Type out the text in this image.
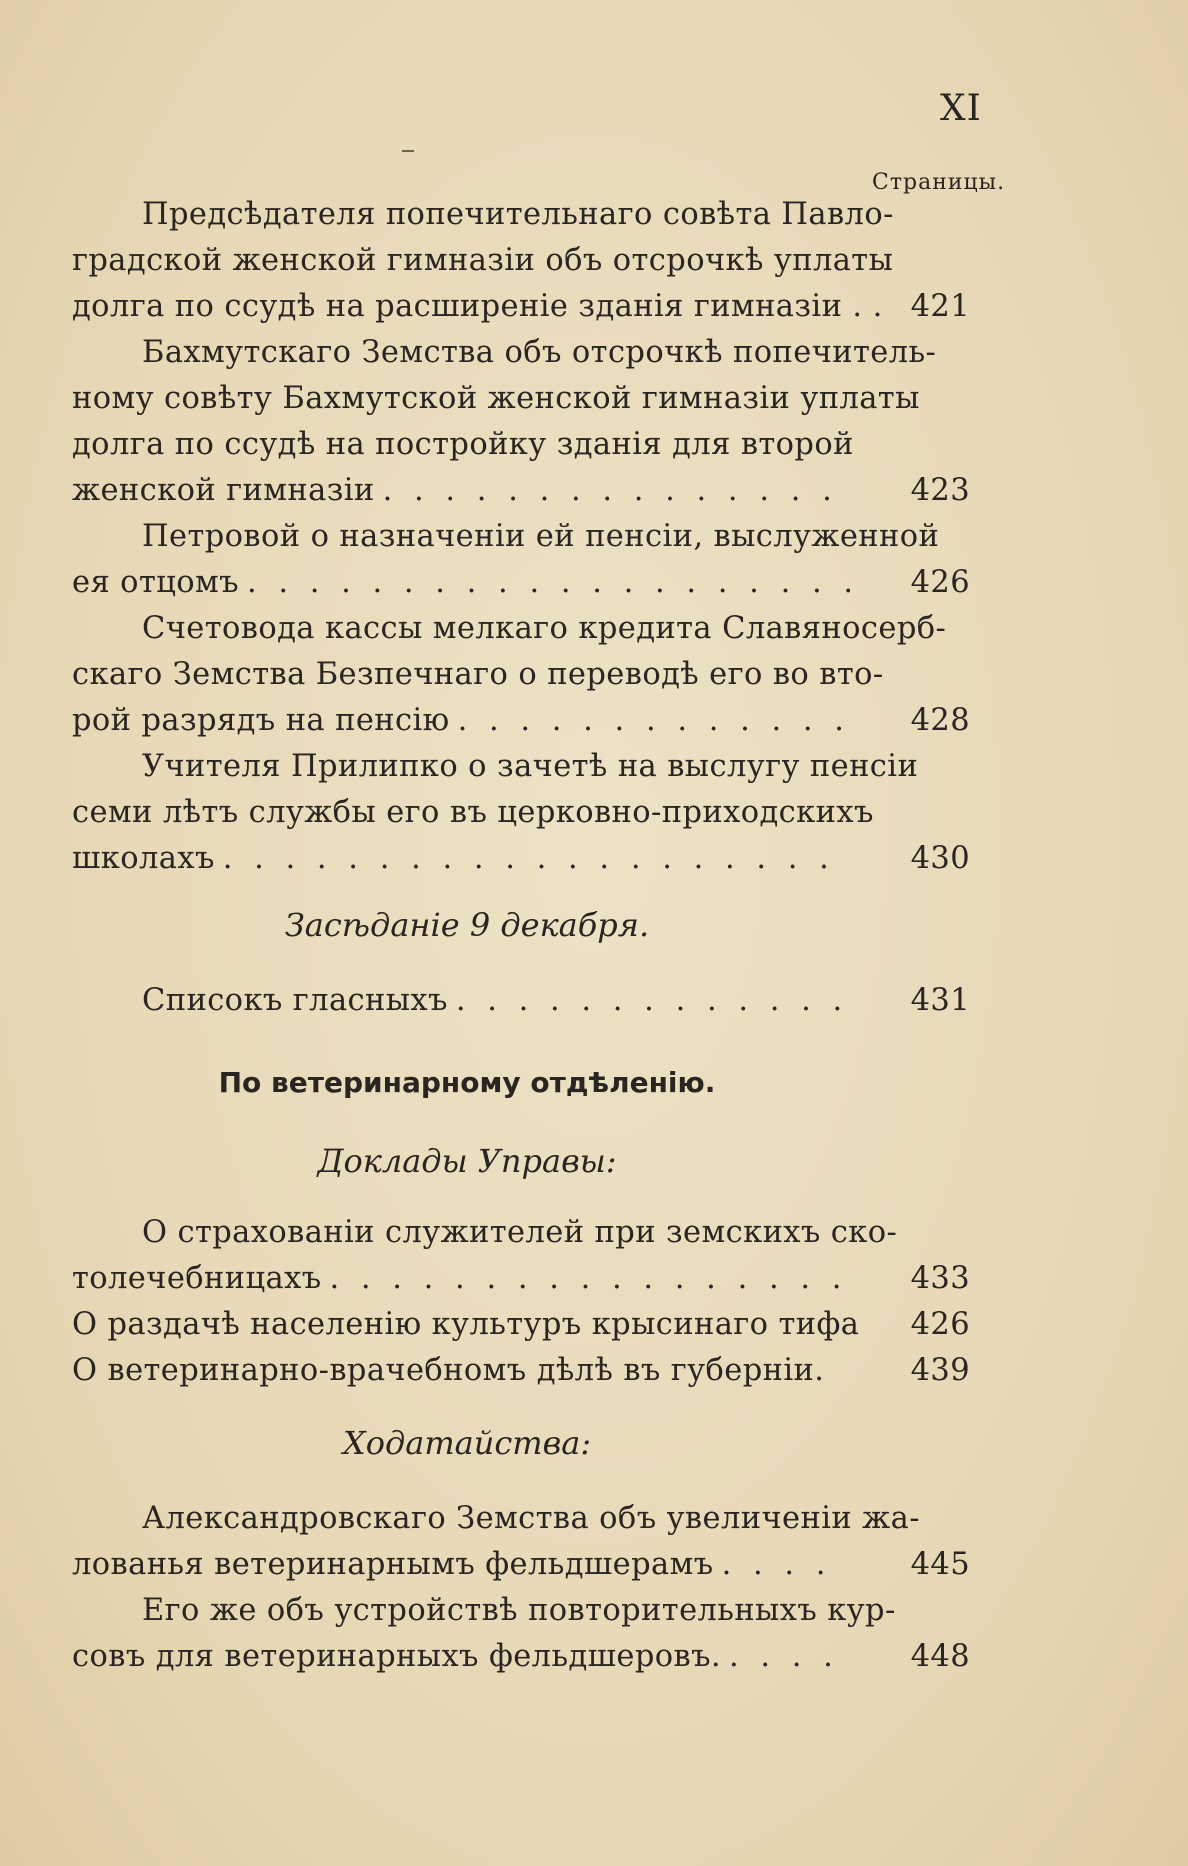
XI
Страницы.
Предсѣдателя попечительнаго совѣта Павло-
градской женской гимназіи объ отсрочкѣ уплаты
долга по ссудѣ на расширеніе зданія гимназіи . . 421
Бахмутскаго Земства объ отсрочкѣ попечитель-
ному совѣту Бахмутской женской гимназіи уплаты
долга по ссудѣ на постройку зданія для второй
женской гимназіи . . .	423
Петровой о назначеніи ей пенсіи, выслуженной
ея отцомъ . . .	426
Счетовода кассы мелкаго кредита Славяносерб-
скаго Земства Безпечнаго о переводѣ его во вто-
рой разрядъ на пенсію . . .	428
Учителя Прилипко о зачетѣ на выслугу пенсіи
семи лѣтъ службы его въ церковно-приходскихъ
школахъ . . .	430
Засѣданіе 9 декабря.
Списокъ гласныхъ . . .	431
По ветеринарному отдѣленію.
Доклады Управы:
О страхованіи служителей при земскихъ ско-
толечебницахъ . . .	433
О раздачѣ населенію культуръ крысинаго тифа	426
О ветеринарно-врачебномъ дѣлѣ въ губерніи.	439
Ходатайства:
Александровскаго Земства объ увеличеніи жа-
лованья ветеринарнымъ фельдшерамъ . . .	445
Его же объ устройствѣ повторительныхъ кур-
совъ для ветеринарныхъ фельдшеровъ. . . .	448
